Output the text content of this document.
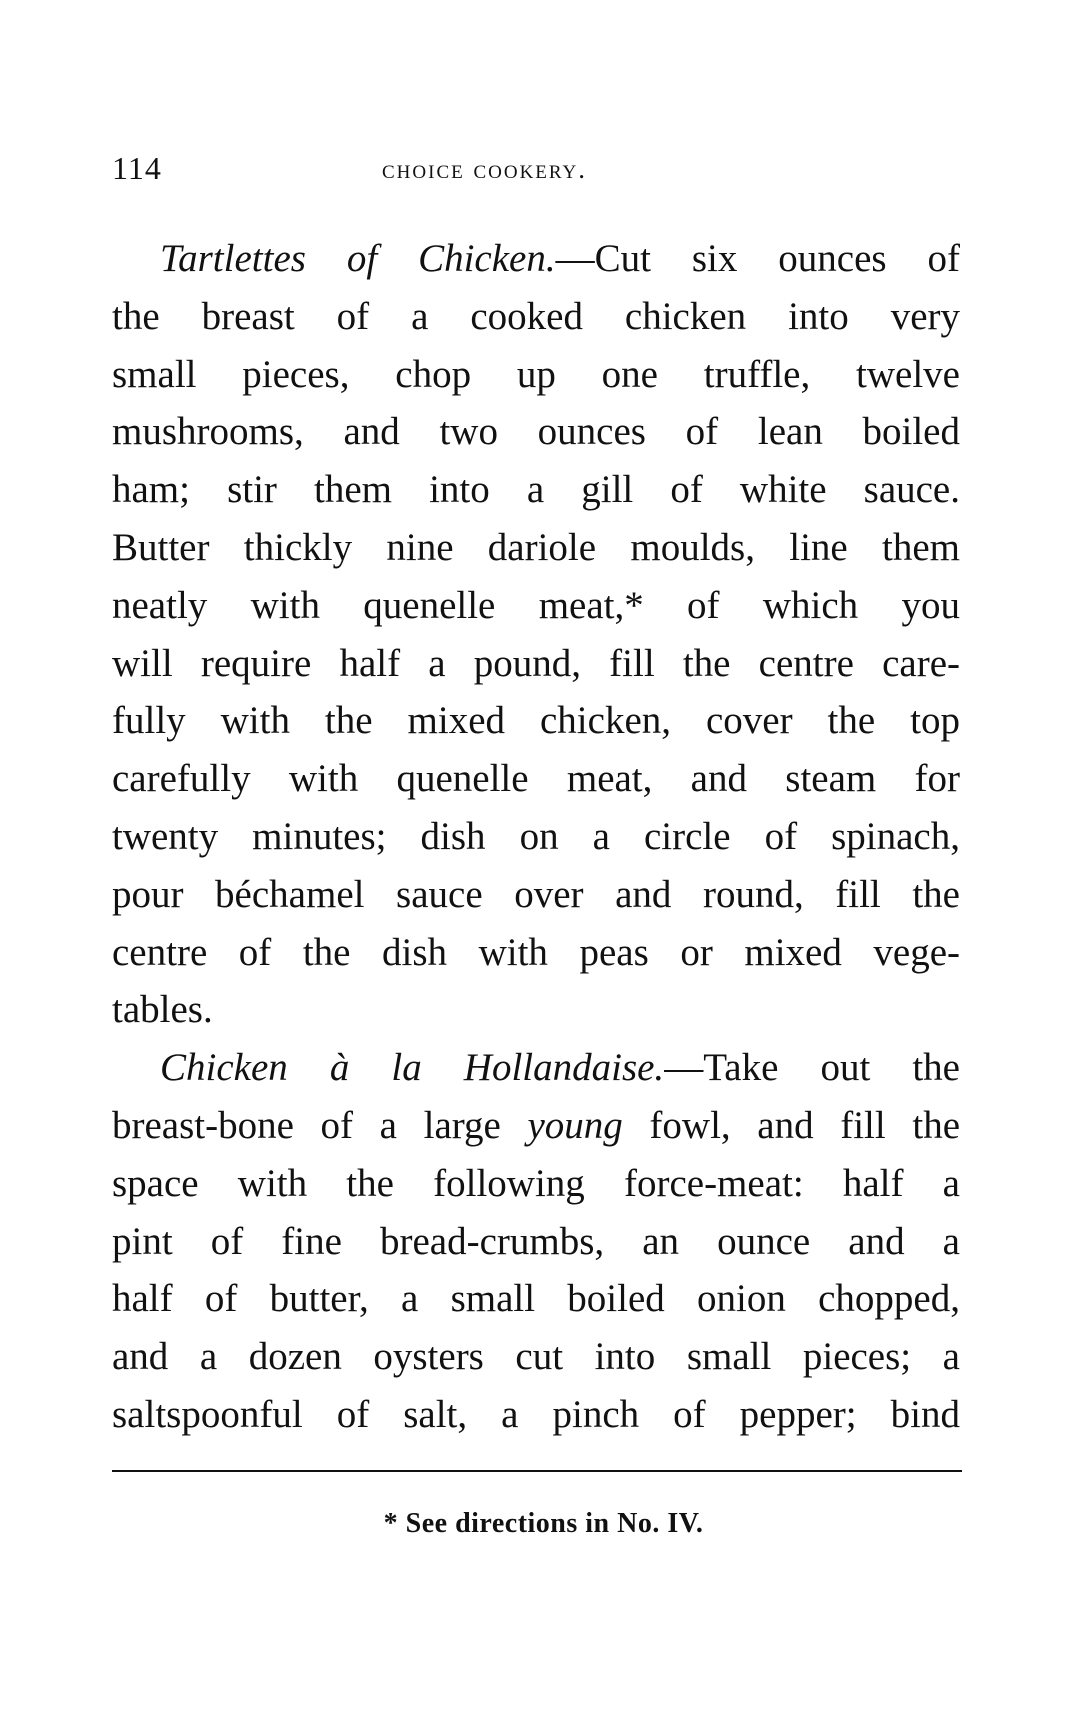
114	choice cookery.
Tartlettes of Chicken.—Cut six ounces of
the breast of a cooked chicken into very
small pieces, chop up one truffle, twelve
mushrooms, and two ounces of lean boiled
ham; stir them into a gill of white sauce.
Butter thickly nine dariole moulds, line them
neatly with quenelle meat,* of which you
will require half a pound, fill the centre care-
fully with the mixed chicken, cover the top
carefully with quenelle meat, and steam for
twenty minutes; dish on a circle of spinach,
pour béchamel sauce over and round, fill the
centre of the dish with peas or mixed vege-
tables.
Chicken à la Hollandaise.—Take out the
breast-bone of a large young fowl, and fill the
space with the following force-meat: half a
pint of fine bread-crumbs, an ounce and a
half of butter, a small boiled onion chopped,
and a dozen oysters cut into small pieces; a
saltspoonful of salt, a pinch of pepper; bind
* See directions in No. IV.
